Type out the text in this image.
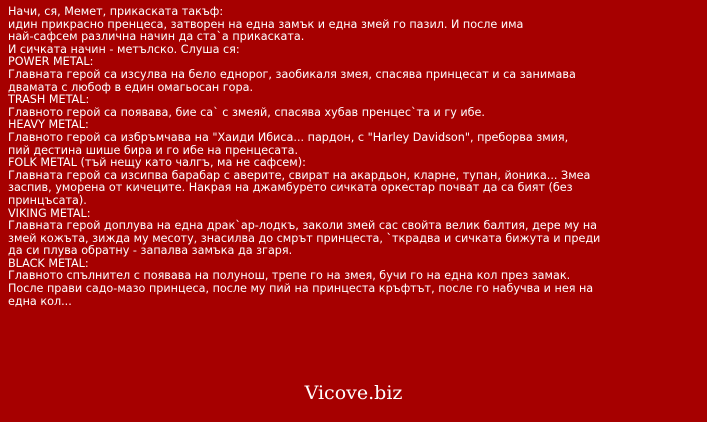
Начи, ся, Мемет, прикаската такъф:

идин прикрасно пренцеса, затворен на една замък и една змей го пазил. И после има

най-сафсем различна начин да ста`а прикаската.

И сичката начин - метълско. Слуша ся:

POWER METAL:

Главната герой са изсулва на бело еднорог, заобикаля змея, спасява принцесат и са занимава

двамата с любоф в един омагьосан гора.

TRASH METAL:

Главното герой са появава, бие са` с змеяй, спасява хубав пренцес`та и гу ибе.

HEAVY METAL:

Главното герой са избръмчава на "Хаиди Ибиса... пардон, с "Harley Davidson", преборва змия,

пий дестина шише бира и го ибе на пренцесата.

FOLK METAL (тъй нещу като чалгъ, ма не сафсем):

Главната герой са изсипва барабар с аверите, свират на акардьон, кларне, тупан, йоника... Змеа

заспив, уморена от кичеците. Накрая на джамбурето сичката оркестар почват да са бият (без

принцъсата).

VIKING METAL:

Главната герой доплува на една драк`ар-лодкъ, заколи змей сас свойта велик балтия, дере му на

змей кожъта, зижда му месоту, знасилва до смрът принцеста, `ткрадва и сичката бижута и преди

да си плува обратну - запалва замъка да згаря.

BLACK METAL:

Главното спълнител с появава на полунош, трепе го на змея, бучи го на една кол през замак.

После прави садо-мазо принцеса, после му пий на принцеста кръфтът, после го набучва и нея на

една кол...

Vicove.biz
